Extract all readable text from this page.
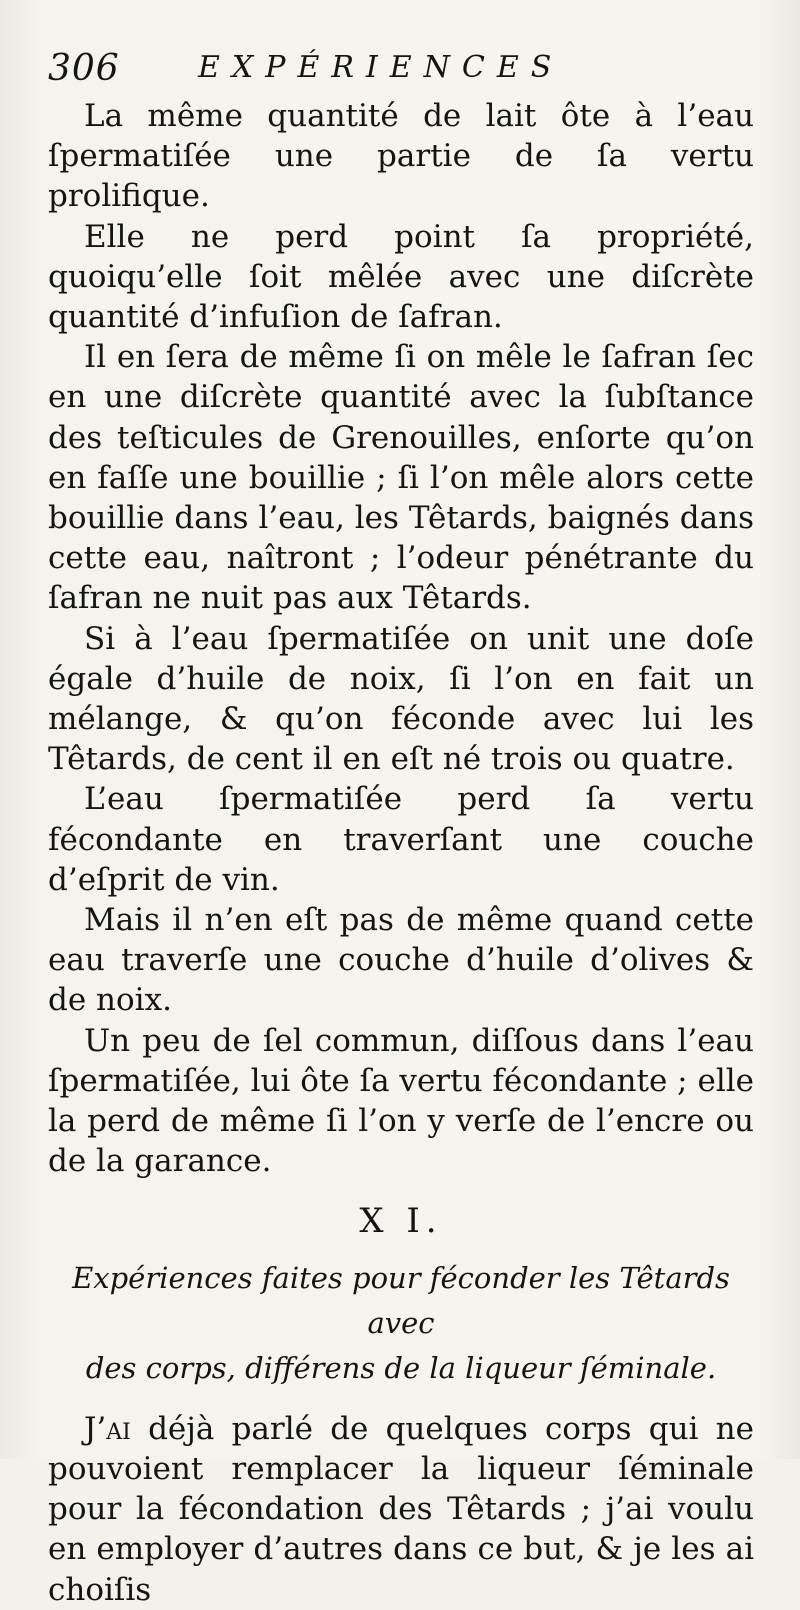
306	EXPÉRIENCES

La même quantité de lait ôte à l’eau ſpermatiſée une partie de ſa vertu prolifique.

Elle ne perd point ſa propriété, quoiqu’elle ſoit mêlée avec une diſcrète quantité d’infuſion de ſafran.

Il en ſera de même ſi on mêle le ſafran ſec en une diſcrète quantité avec la ſubſtance des teſticules de Grenouilles, enſorte qu’on en faſſe une bouillie ; ſi l’on mêle alors cette bouillie dans l’eau, les Têtards, baignés dans cette eau, naîtront ; l’odeur pénétrante du ſafran ne nuit pas aux Têtards.

Si à l’eau ſpermatiſée on unit une doſe égale d’huile de noix, ſi l’on en fait un mélange, & qu’on féconde avec lui les Têtards, de cent il en eſt né trois ou quatre.

L’eau ſpermatiſée perd ſa vertu fécondante en traverſant une couche d’eſprit de vin.

Mais il n’en eſt pas de même quand cette eau traverſe une couche d’huile d’olives & de noix.

Un peu de ſel commun, diſſous dans l’eau ſpermatiſée, lui ôte ſa vertu fécondante ; elle la perd de même ſi l’on y verſe de l’encre ou de la garance.

X I.
Expériences faites pour féconder les Têtards avec
des corps, différens de la liqueur ſéminale.

J’ai déjà parlé de quelques corps qui ne pouvoient remplacer la liqueur ſéminale pour la fécondation des Têtards ; j’ai voulu en employer d’autres dans ce but, & je les ai choiſis
